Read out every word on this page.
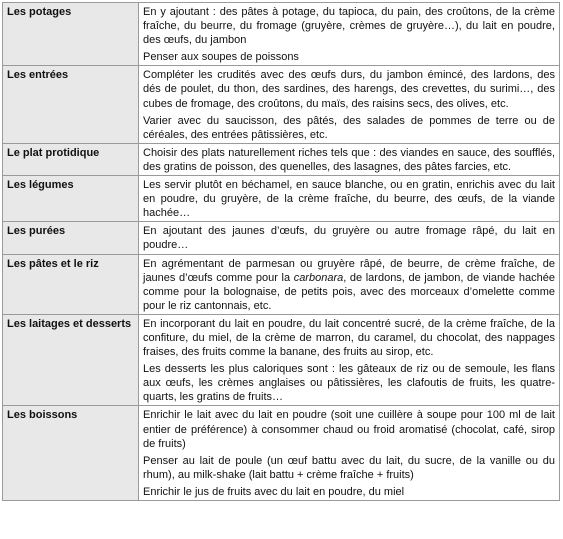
Les potages	En y ajoutant : des pâtes à potage, du tapioca, du pain, des croûtons, de la crème fraîche, du beurre, du fromage (gruyère, crèmes de gruyère…), du lait en poudre, des œufs, du jambon

Penser aux soupes de poissons

Les entrées	Compléter les crudités avec des œufs durs, du jambon émincé, des lardons, des dés de poulet, du thon, des sardines, des harengs, des crevettes, du surimi…, des cubes de fromage, des croûtons, du maïs, des raisins secs, des olives, etc.

Varier avec du saucisson, des pâtés, des salades de pommes de terre ou de céréales, des entrées pâtissières, etc.

Le plat protidique	Choisir des plats naturellement riches tels que : des viandes en sauce, des soufflés, des gratins de poisson, des quenelles, des lasagnes, des pâtes farcies, etc.

Les légumes	Les servir plutôt en béchamel, en sauce blanche, ou en gratin, enrichis avec du lait en poudre, du gruyère, de la crème fraîche, du beurre, des œufs, de la viande hachée…

Les purées	En ajoutant des jaunes d’œufs, du gruyère ou autre fromage râpé, du lait en poudre…

Les pâtes et le riz	En agrémentant de parmesan ou gruyère râpé, de beurre, de crème fraîche, de jaunes d’œufs comme pour la carbonara, de lardons, de jambon, de viande hachée comme pour la bolognaise, de petits pois, avec des morceaux d’omelette comme pour le riz cantonnais, etc.

Les laitages et desserts	En incorporant du lait en poudre, du lait concentré sucré, de la crème fraîche, de la confiture, du miel, de la crème de marron, du caramel, du chocolat, des nappages fraises, des fruits comme la banane, des fruits au sirop, etc.

Les desserts les plus caloriques sont : les gâteaux de riz ou de semoule, les flans aux œufs, les crèmes anglaises ou pâtissières, les clafoutis de fruits, les quatre-quarts, les gratins de fruits…

Les boissons	Enrichir le lait avec du lait en poudre (soit une cuillère à soupe pour 100 ml de lait entier de préférence) à consommer chaud ou froid aromatisé (chocolat, café, sirop de fruits)

Penser au lait de poule (un œuf battu avec du lait, du sucre, de la vanille ou du rhum), au milk-shake (lait battu + crème fraîche + fruits)

Enrichir le jus de fruits avec du lait en poudre, du miel
